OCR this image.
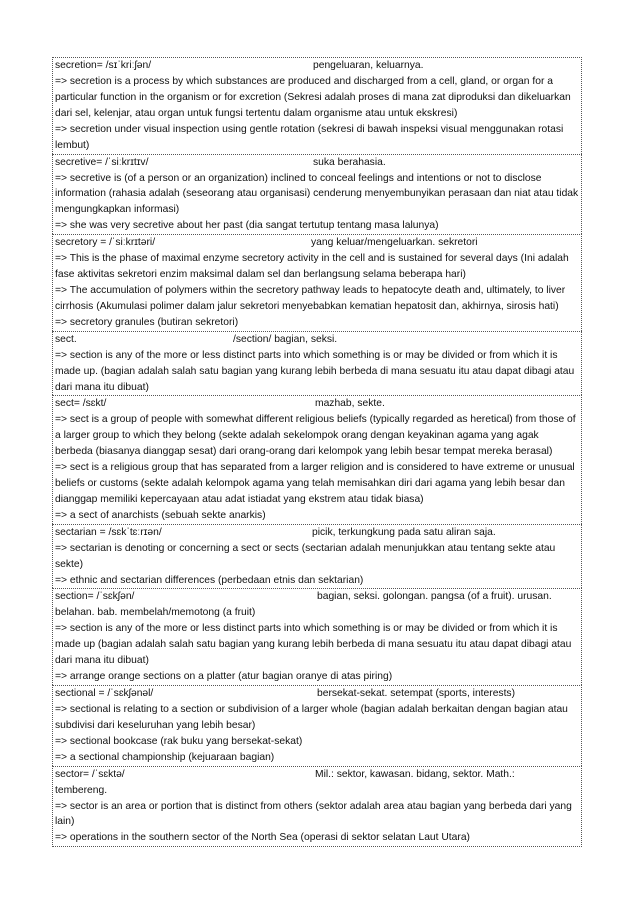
secretion= /sɪˈkriːʃən/	pengeluaran, keluarnya.

=> secretion is a process by which substances are produced and discharged from a cell, gland, or organ for a particular function in the organism or for excretion (Sekresi adalah proses di mana zat diproduksi dan dikeluarkan dari sel, kelenjar, atau organ untuk fungsi tertentu dalam organisme atau untuk ekskresi)

=> secretion under visual inspection using gentle rotation (sekresi di bawah inspeksi visual menggunakan rotasi lembut)

secretive= /ˈsiːkrɪtɪv/	suka berahasia.

=> secretive is (of a person or an organization) inclined to conceal feelings and intentions or not to disclose information (rahasia adalah (seseorang atau organisasi) cenderung menyembunyikan perasaan dan niat atau tidak mengungkapkan informasi)

=> she was very secretive about her past (dia sangat tertutup tentang masa lalunya)

secretory = /ˈsiːkrɪtəri/	yang keluar/mengeluarkan. sekretori

=> This is the phase of maximal enzyme secretory activity in the cell and is sustained for several days (Ini adalah fase aktivitas sekretori enzim maksimal dalam sel dan berlangsung selama beberapa hari)

=> The accumulation of polymers within the secretory pathway leads to hepatocyte death and, ultimately, to liver cirrhosis (Akumulasi polimer dalam jalur sekretori menyebabkan kematian hepatosit dan, akhirnya, sirosis hati)

=> secretory granules (butiran sekretori)

sect.	/section/ bagian, seksi.

=> section is any of the more or less distinct parts into which something is or may be divided or from which it is made up. (bagian adalah salah satu bagian yang kurang lebih berbeda di mana sesuatu itu atau dapat dibagi atau dari mana itu dibuat)

sect= /sɛkt/	mazhab, sekte.

=> sect is a group of people with somewhat different religious beliefs (typically regarded as heretical) from those of a larger group to which they belong (sekte adalah sekelompok orang dengan keyakinan agama yang agak berbeda (biasanya dianggap sesat) dari orang-orang dari kelompok yang lebih besar tempat mereka berasal)

=> sect is a religious group that has separated from a larger religion and is considered to have extreme or unusual beliefs or customs (sekte adalah kelompok agama yang telah memisahkan diri dari agama yang lebih besar dan dianggap memiliki kepercayaan atau adat istiadat yang ekstrem atau tidak biasa)

=> a sect of anarchists (sebuah sekte anarkis)

sectarian = /sɛkˈtɛːrɪən/	picik, terkungkung pada satu aliran saja.

=> sectarian is denoting or concerning a sect or sects (sectarian adalah menunjukkan atau tentang sekte atau sekte)

=> ethnic and sectarian differences (perbedaan etnis dan sektarian)

section= /ˈsɛkʃən/	bagian, seksi. golongan. pangsa (of a fruit). urusan.

belahan. bab. membelah/memotong (a fruit)

=> section is any of the more or less distinct parts into which something is or may be divided or from which it is made up (bagian adalah salah satu bagian yang kurang lebih berbeda di mana sesuatu itu atau dapat dibagi atau dari mana itu dibuat)

=> arrange orange sections on a platter (atur bagian oranye di atas piring)

sectional = /ˈsɛkʃənəl/	bersekat-sekat. setempat (sports, interests)

=> sectional is relating to a section or subdivision of a larger whole (bagian adalah berkaitan dengan bagian atau subdivisi dari keseluruhan yang lebih besar)

=> sectional bookcase (rak buku yang bersekat-sekat)

=> a sectional championship (kejuaraan bagian)

sector= /ˈsɛktə/	Mil.: sektor, kawasan. bidang, sektor. Math.:

tembereng.

=> sector is an area or portion that is distinct from others (sektor adalah area atau bagian yang berbeda dari yang lain)

=> operations in the southern sector of the North Sea (operasi di sektor selatan Laut Utara)
